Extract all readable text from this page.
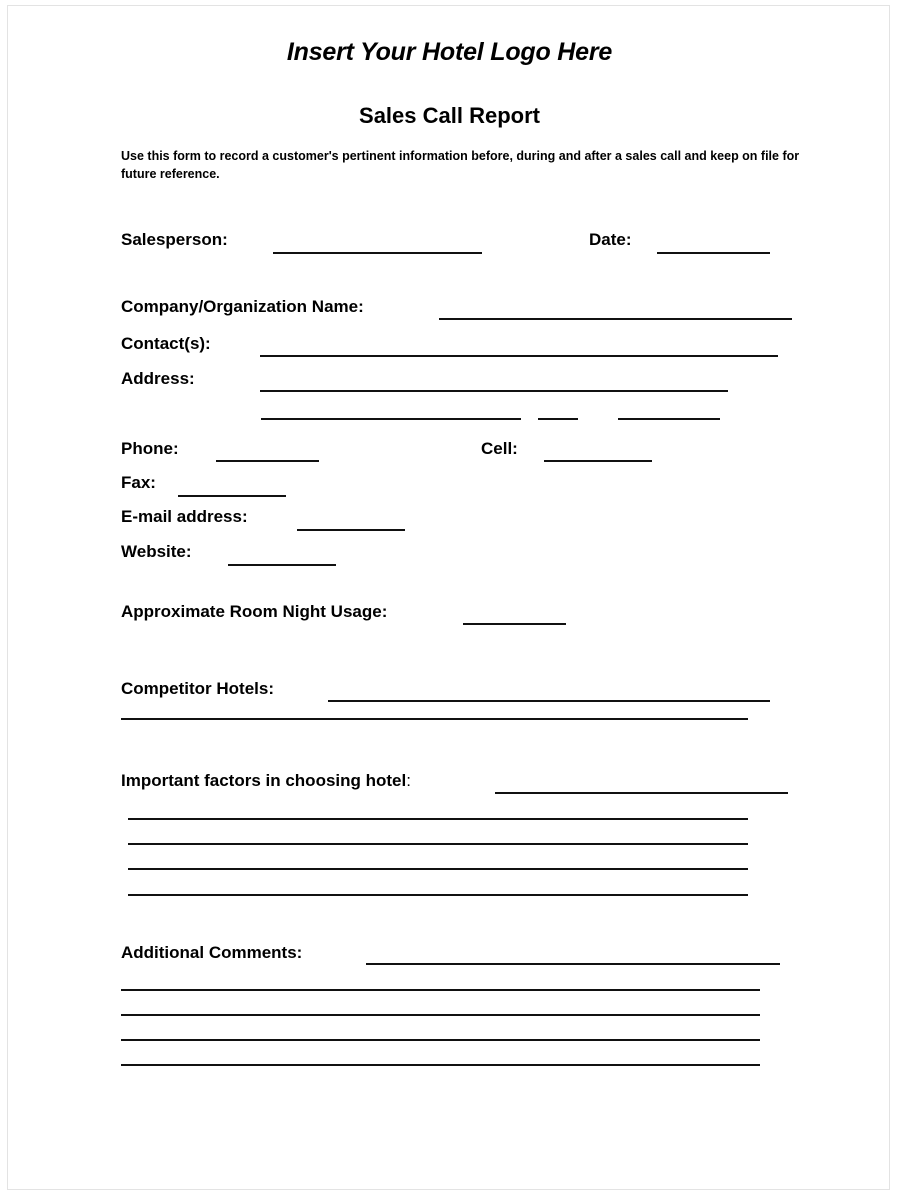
Insert Your Hotel Logo Here
Sales Call Report
Use this form to record a customer's pertinent information before, during and after a sales call and keep on file for future reference.
Salesperson:	Date:
Company/Organization Name:
Contact(s):
Address:
Phone:	Cell:
Fax:
E-mail address:
Website:
Approximate Room Night Usage:
Competitor Hotels:
Important factors in choosing hotel:
Additional Comments:
